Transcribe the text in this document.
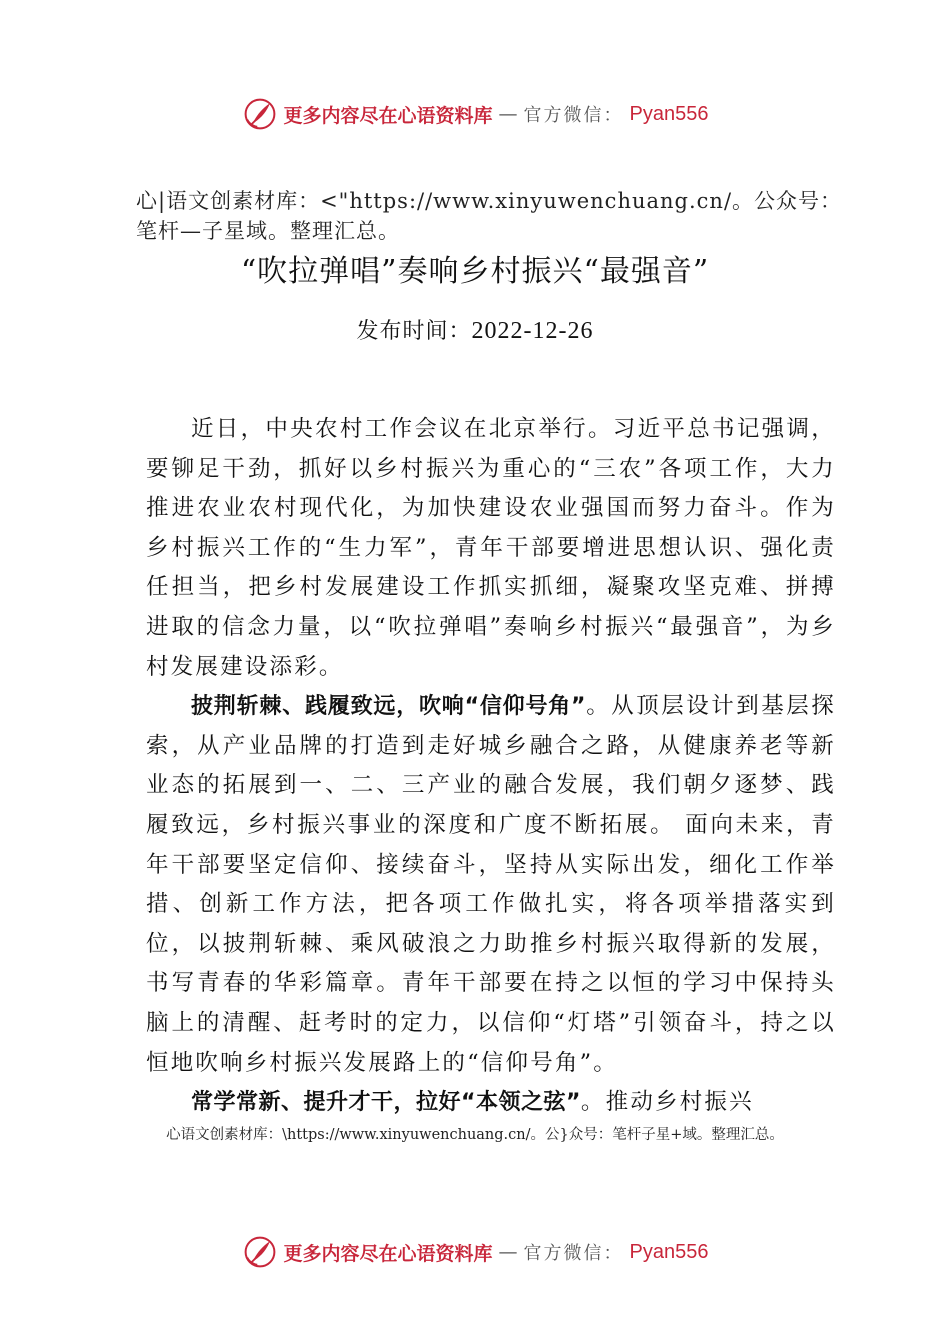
更多内容尽在心语资料库 — 官方微信： Pyan556

心|语文创素材库：<"https://www.xinyuwenchuang.cn/。公众号：笔杆—子星域。整理汇总。

“吹拉弹唱”奏响乡村振兴“最强音”
发布时间：2022-12-26

近日，中央农村工作会议在北京举行。习近平总书记强调，要铆足干劲，抓好以乡村振兴为重心的“三农”各项工作，大力推进农业农村现代化，为加快建设农业强国而努力奋斗。作为乡村振兴工作的“生力军”，青年干部要增进思想认识、强化责任担当，把乡村发展建设工作抓实抓细，凝聚攻坚克难、拼搏进取的信念力量，以“吹拉弹唱”奏响乡村振兴“最强音”，为乡村发展建设添彩。

披荆斩棘、践履致远，吹响“信仰号角”。从顶层设计到基层探索，从产业品牌的打造到走好城乡融合之路，从健康养老等新业态的拓展到一、二、三产业的融合发展，我们朝夕逐梦、践履致远，乡村振兴事业的深度和广度不断拓展。 面向未来，青年干部要坚定信仰、接续奋斗，坚持从实际出发，细化工作举措、创新工作方法，把各项工作做扎实，将各项举措落实到位，以披荆斩棘、乘风破浪之力助推乡村振兴取得新的发展，书写青春的华彩篇章。青年干部要在持之以恒的学习中保持头脑上的清醒、赶考时的定力，以信仰“灯塔”引领奋斗，持之以恒地吹响乡村振兴发展路上的“信仰号角”。

常学常新、提升才干，拉好“本领之弦”。推动乡村振兴

心语文创素材库：\https://www.xinyuwenchuang.cn/。公}众号：笔杆子星+域。整理汇总。
更多内容尽在心语资料库 — 官方微信： Pyan556
